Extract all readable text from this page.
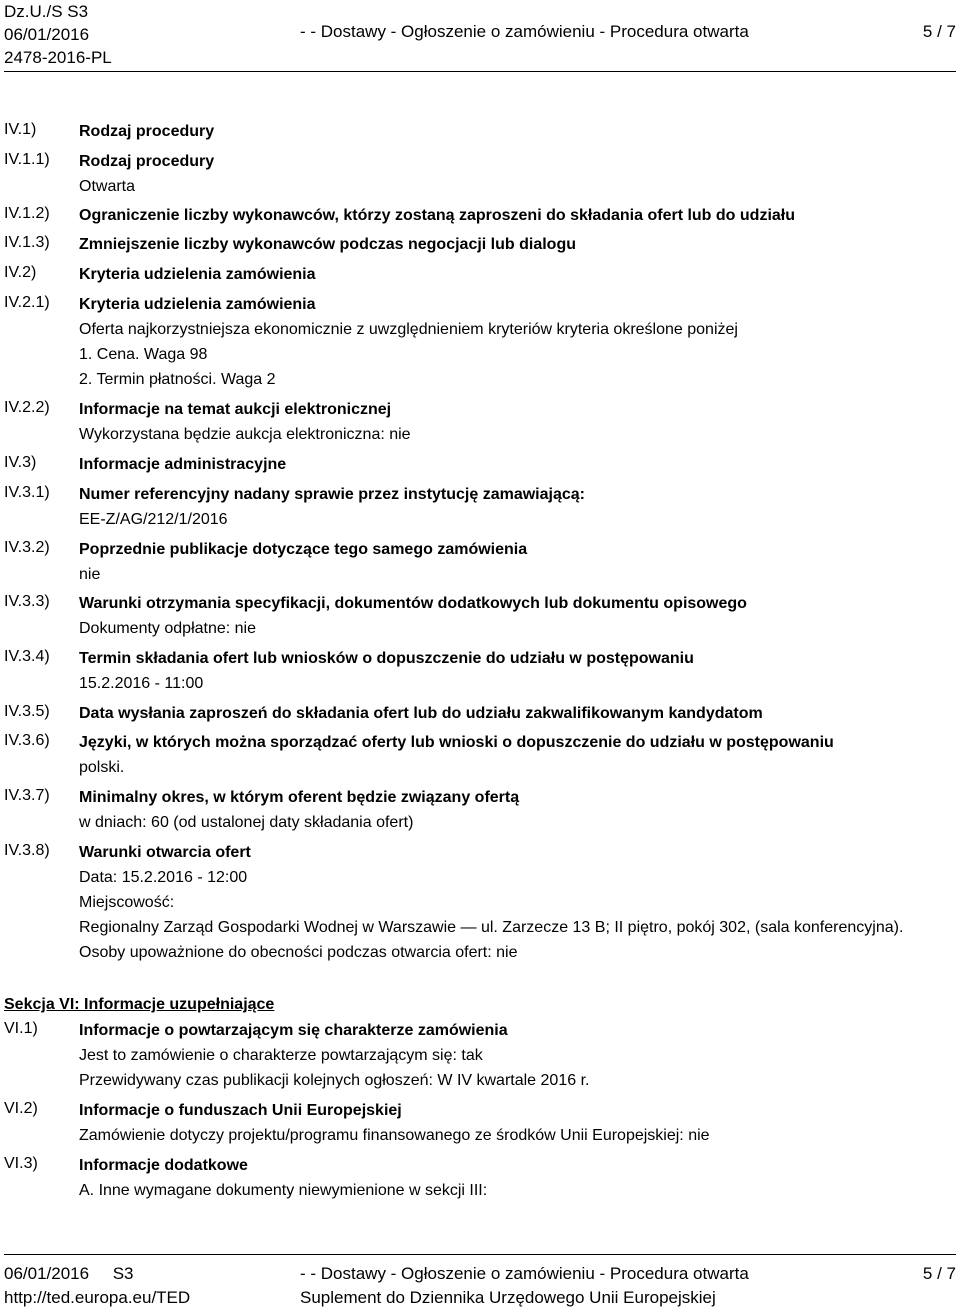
Dz.U./S S3
06/01/2016
2478-2016-PL
- - Dostawy - Ogłoszenie o zamówieniu - Procedura otwarta	5 / 7
IV.1)	Rodzaj procedury
IV.1.1) Rodzaj procedury
Otwarta
IV.1.2) Ograniczenie liczby wykonawców, którzy zostaną zaproszeni do składania ofert lub do udziału
IV.1.3) Zmniejszenie liczby wykonawców podczas negocjacji lub dialogu
IV.2)	Kryteria udzielenia zamówienia
IV.2.1) Kryteria udzielenia zamówienia
Oferta najkorzystniejsza ekonomicznie z uwzględnieniem kryteriów kryteria określone poniżej
1. Cena. Waga 98
2. Termin płatności. Waga 2
IV.2.2) Informacje na temat aukcji elektronicznej
Wykorzystana będzie aukcja elektroniczna: nie
IV.3)	Informacje administracyjne
IV.3.1) Numer referencyjny nadany sprawie przez instytucję zamawiającą:
EE-Z/AG/212/1/2016
IV.3.2) Poprzednie publikacje dotyczące tego samego zamówienia
nie
IV.3.3) Warunki otrzymania specyfikacji, dokumentów dodatkowych lub dokumentu opisowego
Dokumenty odpłatne: nie
IV.3.4) Termin składania ofert lub wniosków o dopuszczenie do udziału w postępowaniu
15.2.2016 - 11:00
IV.3.5) Data wysłania zaproszeń do składania ofert lub do udziału zakwalifikowanym kandydatom
IV.3.6) Języki, w których można sporządzać oferty lub wnioski o dopuszczenie do udziału w postępowaniu
polski.
IV.3.7) Minimalny okres, w którym oferent będzie związany ofertą
w dniach: 60 (od ustalonej daty składania ofert)
IV.3.8) Warunki otwarcia ofert
Data: 15.2.2016 - 12:00
Miejscowość:
Regionalny Zarząd Gospodarki Wodnej w Warszawie — ul. Zarzecze 13 B; II piętro, pokój 302, (sala konferencyjna).
Osoby upoważnione do obecności podczas otwarcia ofert: nie
Sekcja VI: Informacje uzupełniające
VI.1)	Informacje o powtarzającym się charakterze zamówienia
Jest to zamówienie o charakterze powtarzającym się: tak
Przewidywany czas publikacji kolejnych ogłoszeń: W IV kwartale 2016 r.
VI.2)	Informacje o funduszach Unii Europejskiej
Zamówienie dotyczy projektu/programu finansowanego ze środków Unii Europejskiej: nie
VI.3)	Informacje dodatkowe
A. Inne wymagane dokumenty niewymienione w sekcji III:
06/01/2016     S3
http://ted.europa.eu/TED
- - Dostawy - Ogłoszenie o zamówieniu - Procedura otwarta
Suplement do Dziennika Urzędowego Unii Europejskiej
5 / 7
